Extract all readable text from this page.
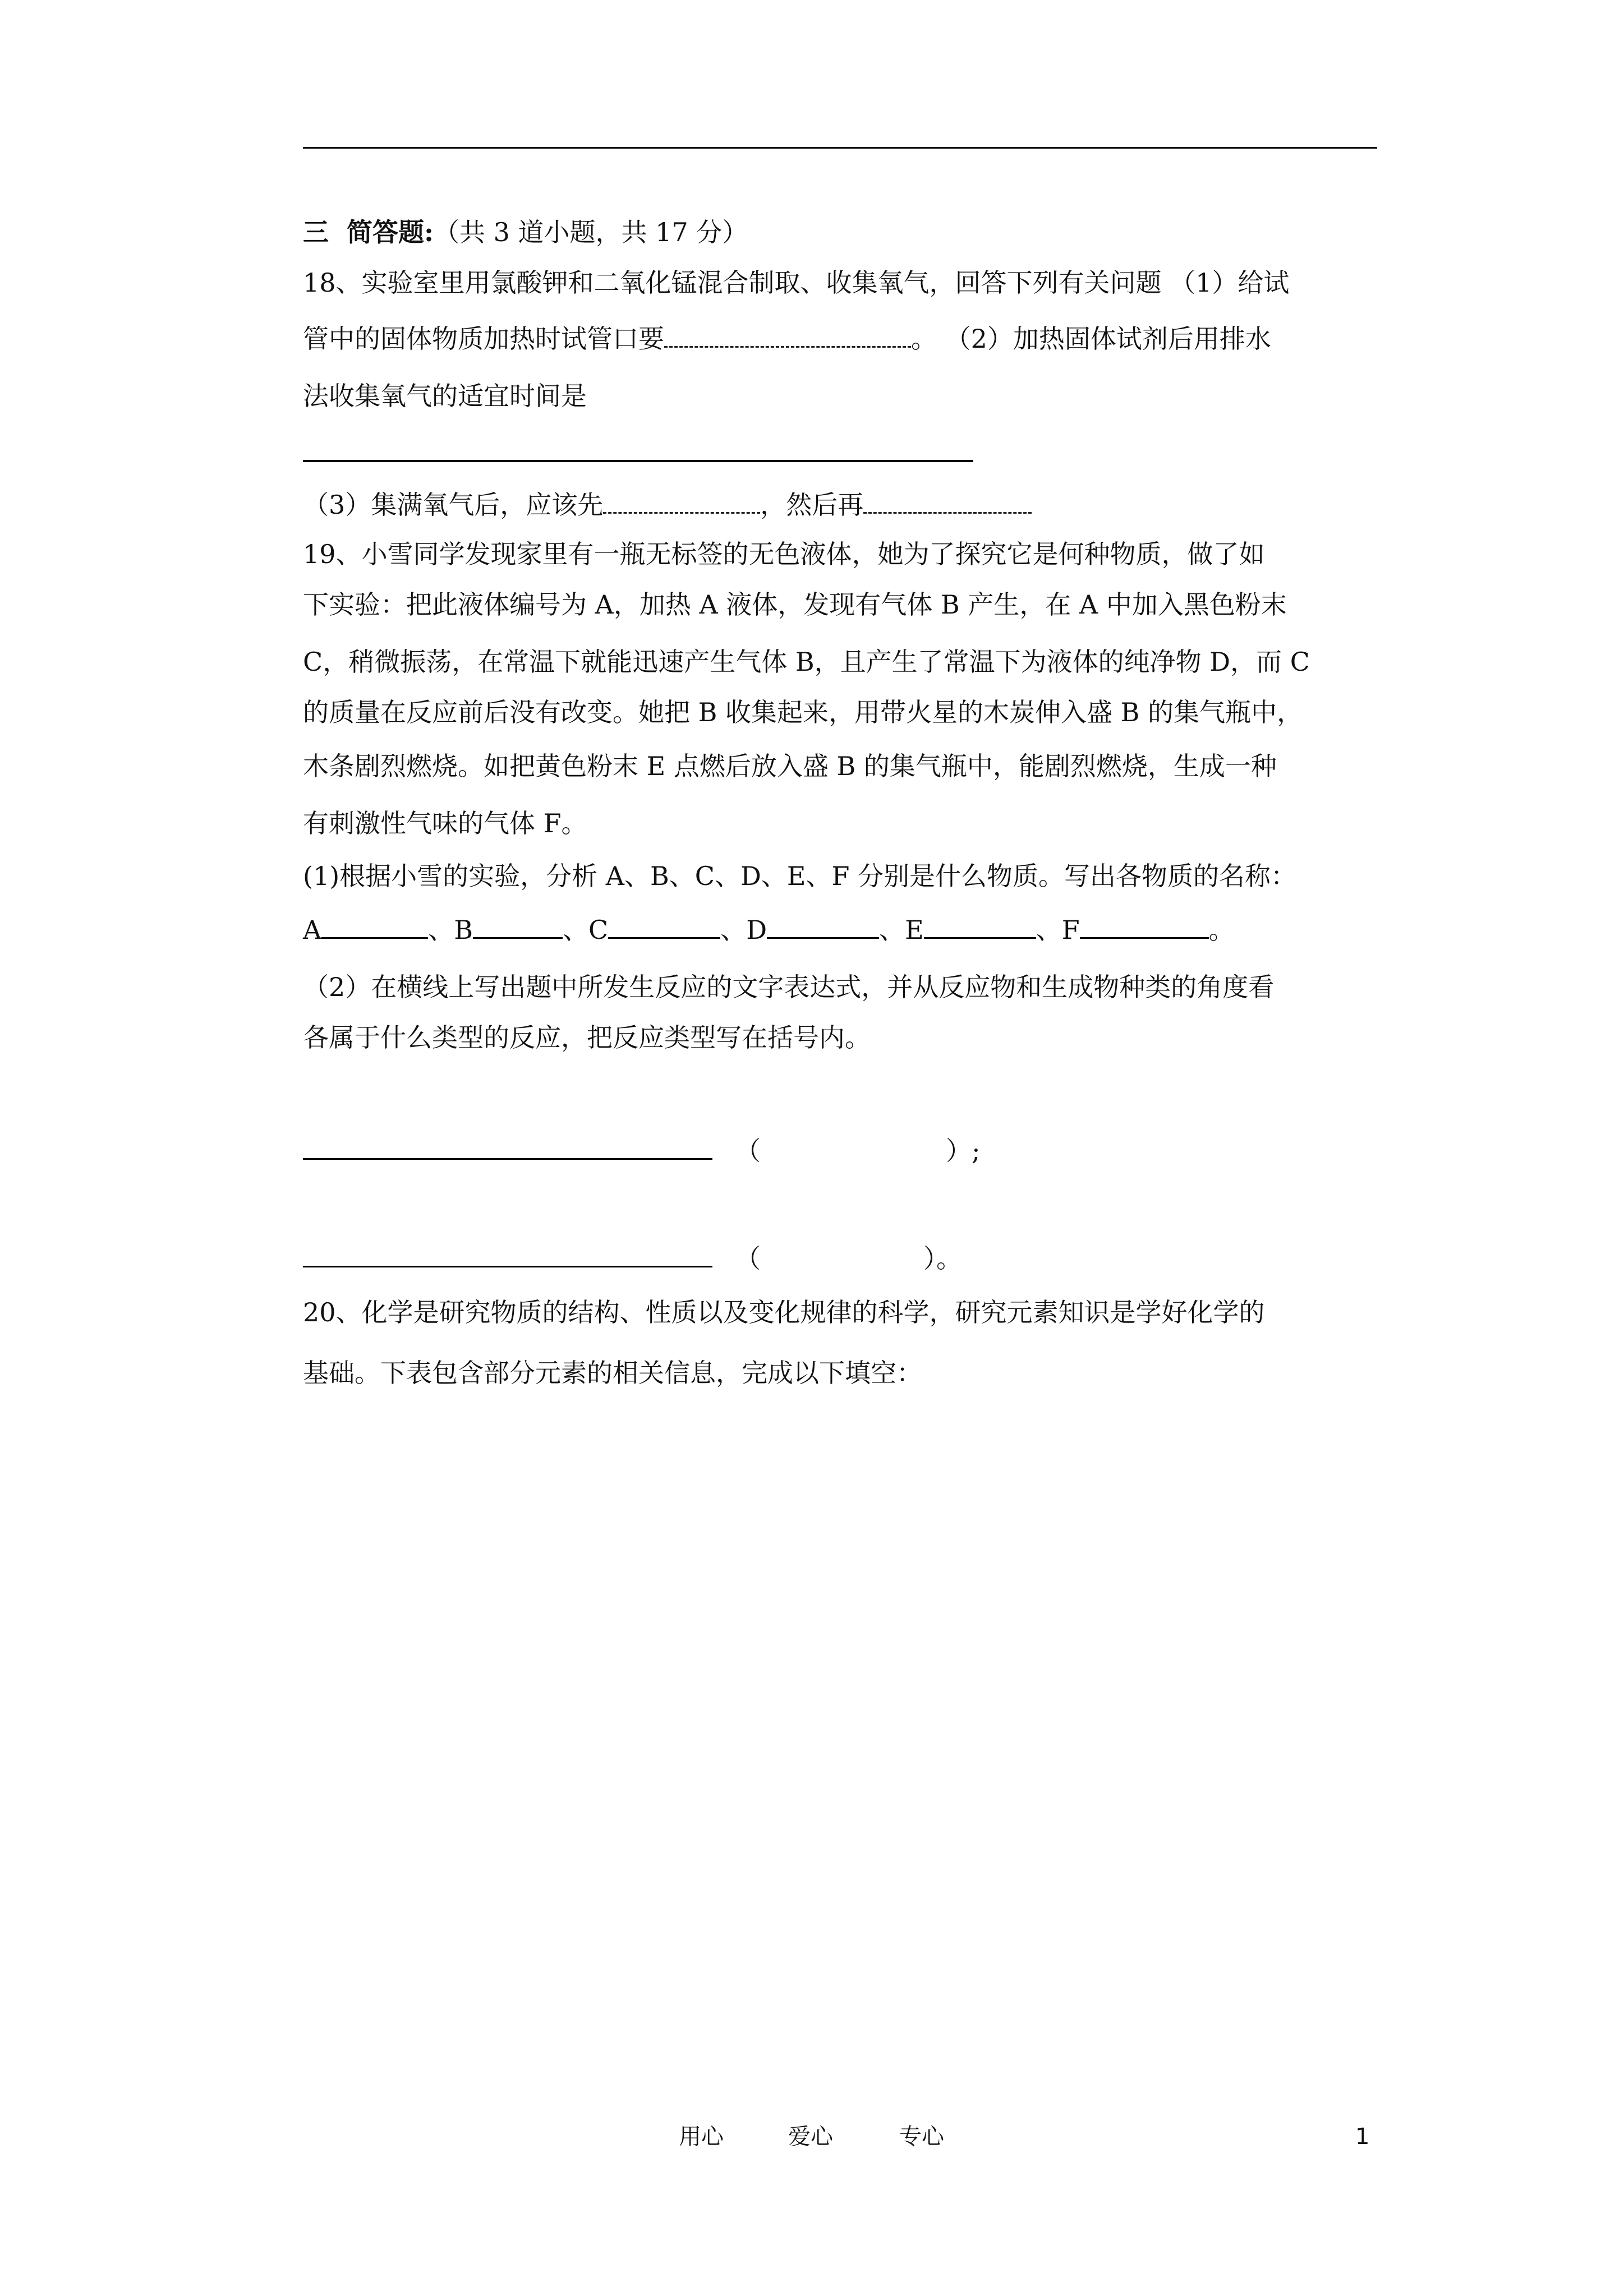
三  简答题:（共 3 道小题，共 17 分）
18、实验室里用氯酸钾和二氧化锰混合制取、收集氧气，回答下列有关问题 （1）给试
管中的固体物质加热时试管口要	。 （2）加热固体试剂后用排水
法收集氧气的适宜时间是
（3）集满氧气后，应该先	，然后再
19、小雪同学发现家里有一瓶无标签的无色液体，她为了探究它是何种物质，做了如
下实验：把此液体编号为 A，加热 A 液体，发现有气体 B 产生，在 A 中加入黑色粉末
C，稍微振荡，在常温下就能迅速产生气体 B，且产生了常温下为液体的纯净物 D，而 C
的质量在反应前后没有改变。她把 B 收集起来，用带火星的木炭伸入盛 B 的集气瓶中，
木条剧烈燃烧。如把黄色粉末 E 点燃后放入盛 B 的集气瓶中，能剧烈燃烧，生成一种
有刺激性气味的气体 F。
(1)根据小雪的实验，分析 A、B、C、D、E、F 分别是什么物质。写出各物质的名称：
A	、B	、C	、D	、E	、F	。
（2）在横线上写出题中所发生反应的文字表达式，并从反应物和生成物种类的角度看
各属于什么类型的反应，把反应类型写在括号内。
（	）;
（	）。
20、化学是研究物质的结构、性质以及变化规律的科学，研究元素知识是学好化学的
基础。下表包含部分元素的相关信息，完成以下填空：
用心	爱心	专心	1
